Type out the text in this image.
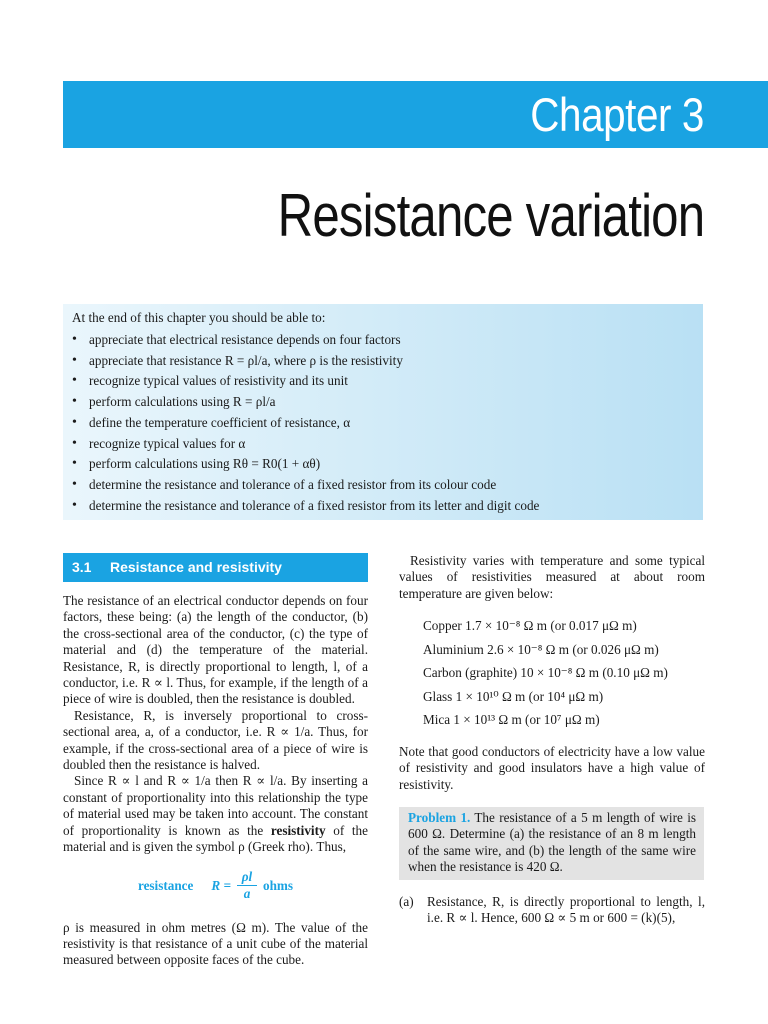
Chapter 3
Resistance variation
At the end of this chapter you should be able to:
• appreciate that electrical resistance depends on four factors
• appreciate that resistance R = ρl/a, where ρ is the resistivity
• recognize typical values of resistivity and its unit
• perform calculations using R = ρl/a
• define the temperature coefficient of resistance, α
• recognize typical values for α
• perform calculations using Rθ = R0(1 + αθ)
• determine the resistance and tolerance of a fixed resistor from its colour code
• determine the resistance and tolerance of a fixed resistor from its letter and digit code
3.1 Resistance and resistivity

The resistance of an electrical conductor depends on four factors, these being: (a) the length of the conductor, (b) the cross-sectional area of the conductor, (c) the type of material and (d) the temperature of the material. Resistance, R, is directly proportional to length, l, of a conductor, i.e. R ∝ l. Thus, for example, if the length of a piece of wire is doubled, then the resistance is doubled.

Resistance, R, is inversely proportional to cross-sectional area, a, of a conductor, i.e. R ∝ 1/a. Thus, for example, if the cross-sectional area of a piece of wire is doubled then the resistance is halved.

Since R ∝ l and R ∝ 1/a then R ∝ l/a. By inserting a constant of proportionality into this relationship the type of material used may be taken into account. The constant of proportionality is known as the resistivity of the material and is given the symbol ρ (Greek rho). Thus,

resistance $R = \frac{\rho l}{a}$ ohms

ρ is measured in ohm metres (Ω m). The value of the resistivity is that resistance of a unit cube of the material measured between opposite faces of the cube.

Resistivity varies with temperature and some typical values of resistivities measured at about room temperature are given below:

Copper 1.7 × 10⁻⁸ Ω m (or 0.017 μΩ m)
Aluminium 2.6 × 10⁻⁸ Ω m (or 0.026 μΩ m)
Carbon (graphite) 10 × 10⁻⁸ Ω m (0.10 μΩ m)
Glass 1 × 10¹⁰ Ω m (or 10⁴ μΩ m)
Mica 1 × 10¹³ Ω m (or 10⁷ μΩ m)

Note that good conductors of electricity have a low value of resistivity and good insulators have a high value of resistivity.

Problem 1. The resistance of a 5 m length of wire is 600 Ω. Determine (a) the resistance of an 8 m length of the same wire, and (b) the length of the same wire when the resistance is 420 Ω.
(a)	Resistance, R, is directly proportional to length, l, i.e. R ∝ l. Hence, 600 Ω ∝ 5 m or 600 = (k)(5),
